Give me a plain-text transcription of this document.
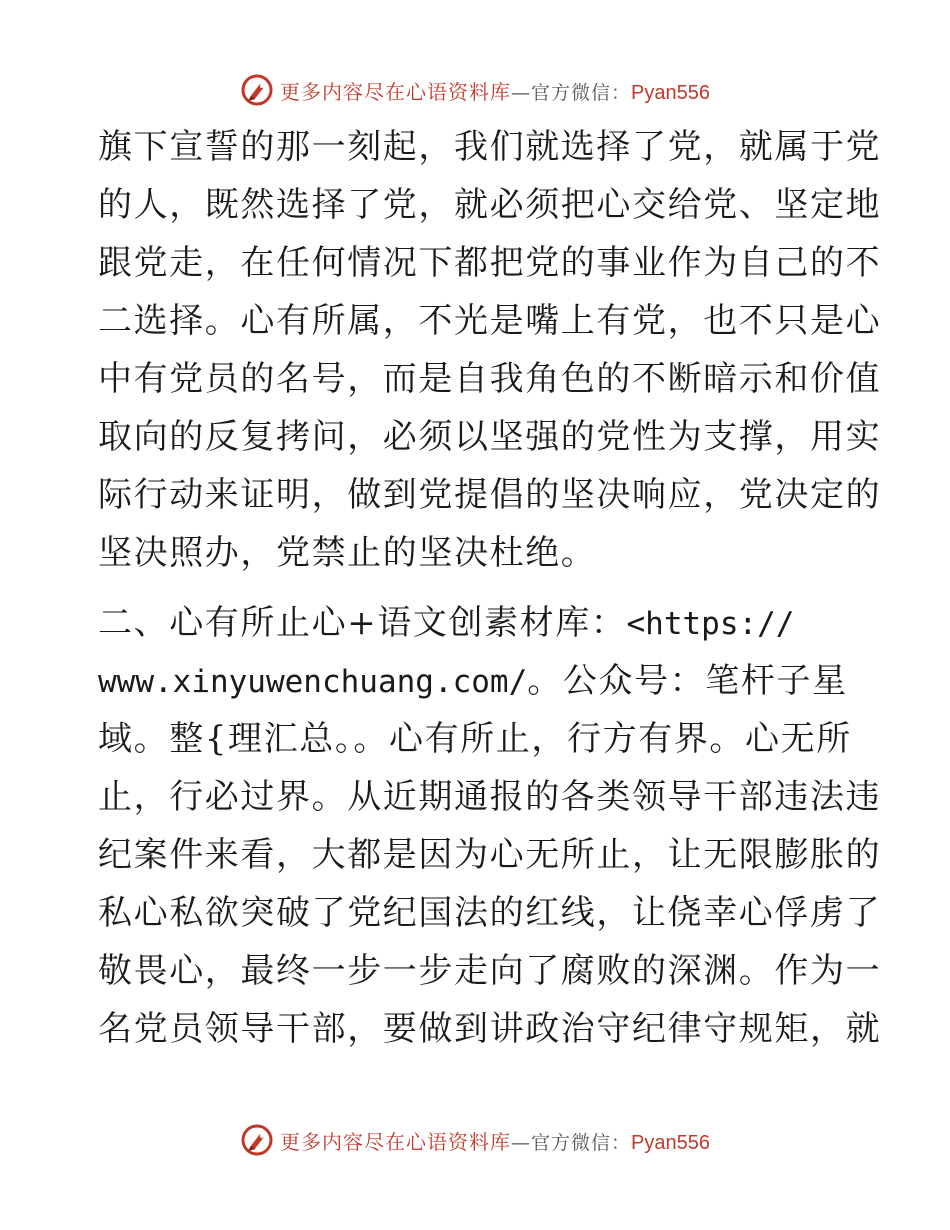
更多内容尽在心语资料库—官方微信：Pyan556
旗下宣誓的那一刻起，我们就选择了党，就属于党
的人，既然选择了党，就必须把心交给党、坚定地
跟党走，在任何情况下都把党的事业作为自己的不
二选择。心有所属，不光是嘴上有党，也不只是心
中有党员的名号，而是自我角色的不断暗示和价值
取向的反复拷问，必须以坚强的党性为支撑，用实
际行动来证明，做到党提倡的坚决响应，党决定的
坚决照办，党禁止的坚决杜绝。
二、心有所止心+语文创素材库：<https://
www.xinyuwenchuang.com/。公众号：笔杆子星
域。整{理汇总。。心有所止，行方有界。心无所
止，行必过界。从近期通报的各类领导干部违法违
纪案件来看，大都是因为心无所止，让无限膨胀的
私心私欲突破了党纪国法的红线，让侥幸心俘虏了
敬畏心，最终一步一步走向了腐败的深渊。作为一
名党员领导干部，要做到讲政治守纪律守规矩，就
更多内容尽在心语资料库—官方微信：Pyan556
